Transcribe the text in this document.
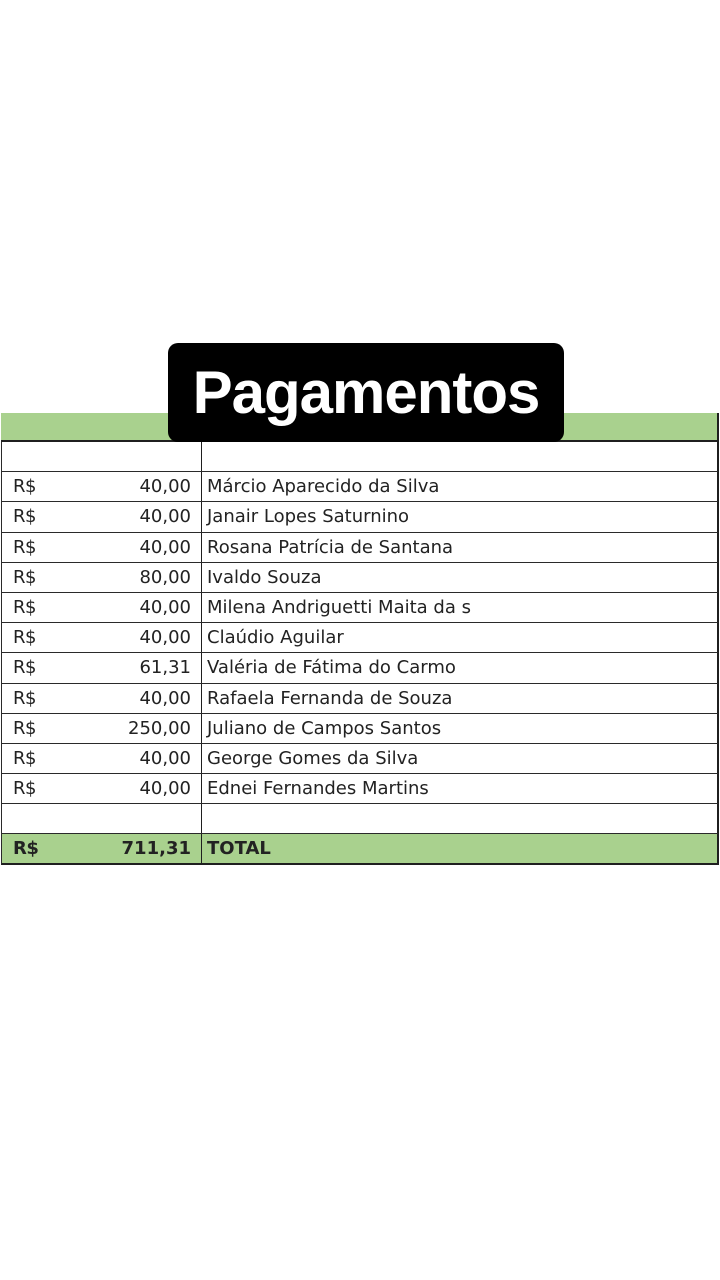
Pagamentos
R$	40,00 Márcio Aparecido da Silva
R$	40,00 Janair Lopes Saturnino
R$	40,00 Rosana Patrícia de Santana
R$	80,00 Ivaldo Souza
R$	40,00 Milena Andriguetti Maita da s
R$	40,00 Claúdio Aguilar
R$	61,31 Valéria de Fátima do Carmo
R$	40,00 Rafaela Fernanda de Souza
R$	250,00 Juliano de Campos Santos
R$	40,00 George Gomes da Silva
R$	40,00 Ednei Fernandes Martins
R$	711,31 TOTAL
